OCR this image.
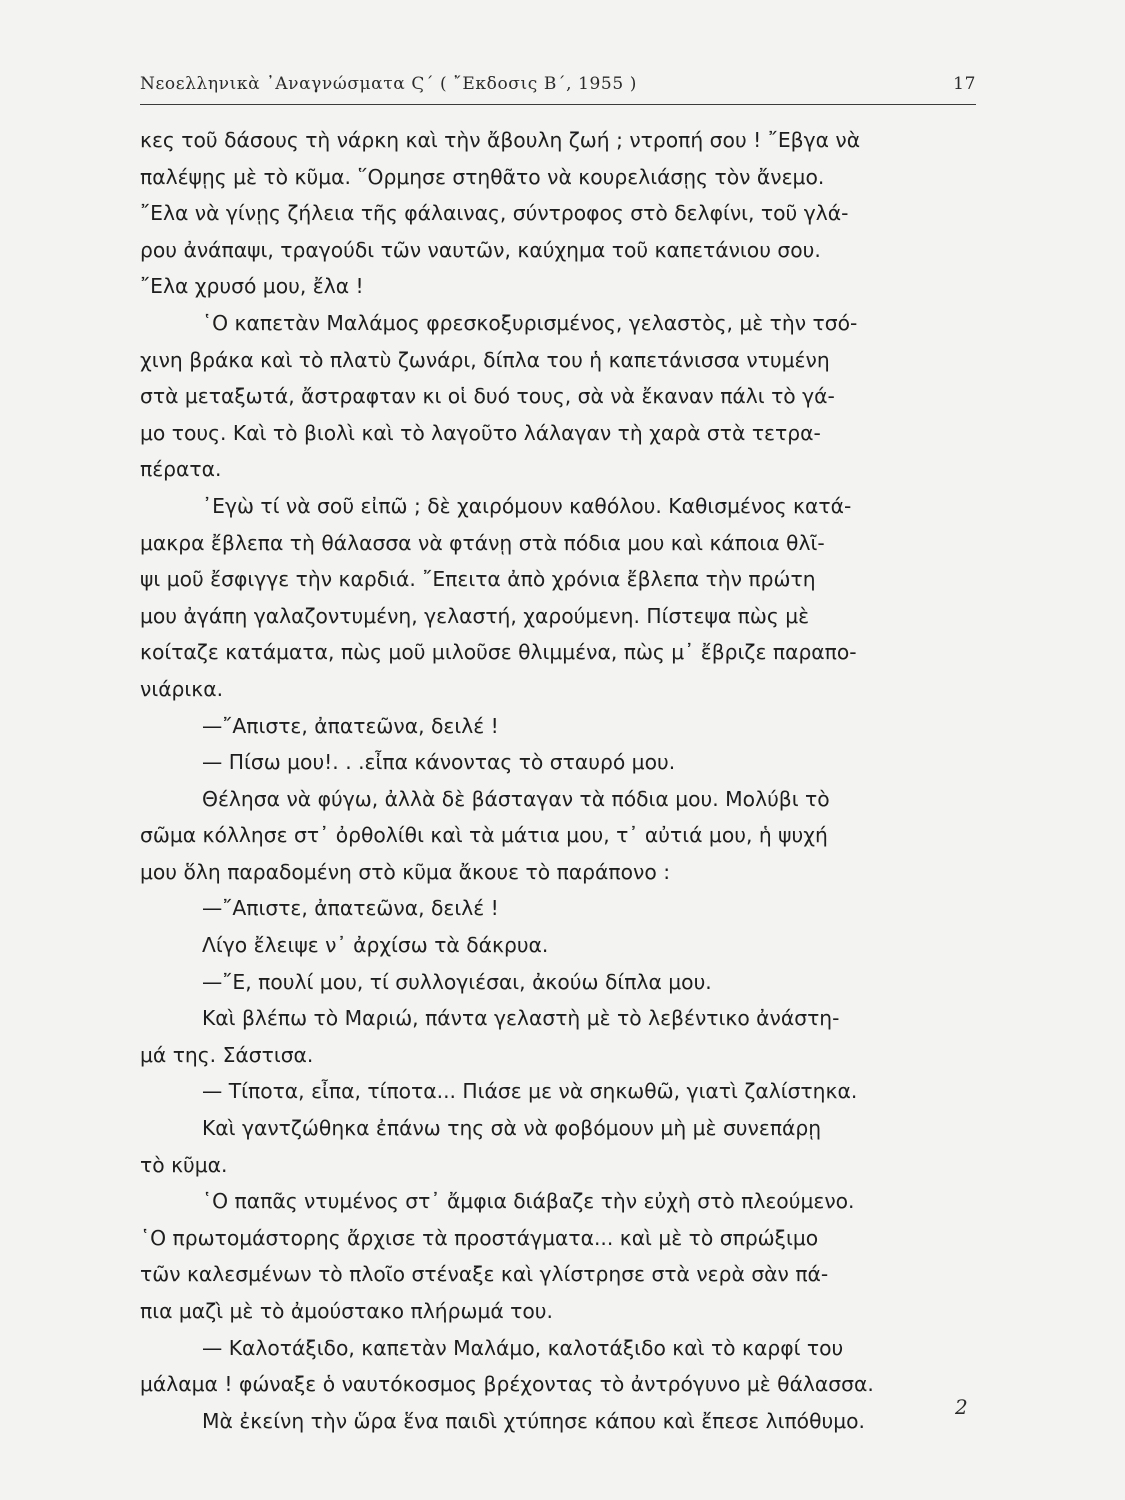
Νεοελληνικὰ ᾿Αναγνώσματα Ϛ΄ ( ῎Εκδοσις Β΄, 1955 )	17
κες τοῦ δάσους τὴ νάρκη καὶ τὴν ἄβουλη ζωή ; ντροπή σου ! ῎Εβγα νὰ
παλέψῃς μὲ τὸ κῦμα. ῞Ορμησε στηθᾶτο νὰ κουρελιάσῃς τὸν ἄνεμο.
῎Ελα νὰ γίνῃς ζήλεια τῆς φάλαινας, σύντροφος στὸ δελφίνι, τοῦ γλά-
ρου ἀνάπαψι, τραγούδι τῶν ναυτῶν, καύχημα τοῦ καπετάνιου σου.
῎Ελα χρυσό μου, ἔλα !
῾Ο καπετὰν Μαλάμος φρεσκοξυρισμένος, γελαστὸς, μὲ τὴν τσό-
χινη βράκα καὶ τὸ πλατὺ ζωνάρι, δίπλα του ἡ καπετάνισσα ντυμένη
στὰ μεταξωτά, ἄστραφταν κι οἱ δυό τους, σὰ νὰ ἔκαναν πάλι τὸ γά-
μο τους. Καὶ τὸ βιολὶ καὶ τὸ λαγοῦτο λάλαγαν τὴ χαρὰ στὰ τετρα-
πέρατα.
᾿Εγὼ τί νὰ σοῦ εἰπῶ ; δὲ χαιρόμουν καθόλου. Καθισμένος κατά-
μακρα ἔβλεπα τὴ θάλασσα νὰ φτάνῃ στὰ πόδια μου καὶ κάποια θλῖ-
ψι μοῦ ἔσφιγγε τὴν καρδιά. ῎Επειτα ἀπὸ χρόνια ἔβλεπα τὴν πρώτη
μου ἀγάπη γαλαζοντυμένη, γελαστή, χαρούμενη. Πίστεψα πὼς μὲ
κοίταζε κατάματα, πὼς μοῦ μιλοῦσε θλιμμένα, πὼς μ᾿ ἔβριζε παραπο-
νιάρικα.
—῎Απιστε, ἀπατεῶνα, δειλέ !
— Πίσω μου!. . .εἶπα κάνοντας τὸ σταυρό μου.
Θέλησα νὰ φύγω, ἀλλὰ δὲ βάσταγαν τὰ πόδια μου. Μολύβι τὸ
σῶμα κόλλησε στ᾿ ὀρθολίθι καὶ τὰ μάτια μου, τ᾿ αὐτιά μου, ἡ ψυχή
μου ὅλη παραδομένη στὸ κῦμα ἄκουε τὸ παράπονο :
—῎Απιστε, ἀπατεῶνα, δειλέ !
Λίγο ἔλειψε ν᾿ ἀρχίσω τὰ δάκρυα.
—῎Ε, πουλί μου, τί συλλογιέσαι, ἀκούω δίπλα μου.
Καὶ βλέπω τὸ Μαριώ, πάντα γελαστὴ μὲ τὸ λεβέντικο ἀνάστη-
μά της. Σάστισα.
— Τίποτα, εἶπα, τίποτα... Πιάσε με νὰ σηκωθῶ, γιατὶ ζαλίστηκα.
Καὶ γαντζώθηκα ἐπάνω της σὰ νὰ φοβόμουν μὴ μὲ συνεπάρῃ
τὸ κῦμα.
῾Ο παπᾶς ντυμένος στ᾿ ἄμφια διάβαζε τὴν εὐχὴ στὸ πλεούμενο.
῾Ο πρωτομάστορης ἄρχισε τὰ προστάγματα... καὶ μὲ τὸ σπρώξιμο
τῶν καλεσμένων τὸ πλοῖο στέναξε καὶ γλίστρησε στὰ νερὰ σὰν πά-
πια μαζὶ μὲ τὸ ἀμούστακο πλήρωμά του.
— Καλοτάξιδο, καπετὰν Μαλάμο, καλοτάξιδο καὶ τὸ καρφί του
μάλαμα ! φώναξε ὁ ναυτόκοσμος βρέχοντας τὸ ἀντρόγυνο μὲ θάλασσα.
Μὰ ἐκείνη τὴν ὥρα ἕνα παιδὶ χτύπησε κάπου καὶ ἔπεσε λιπόθυμο.
2
